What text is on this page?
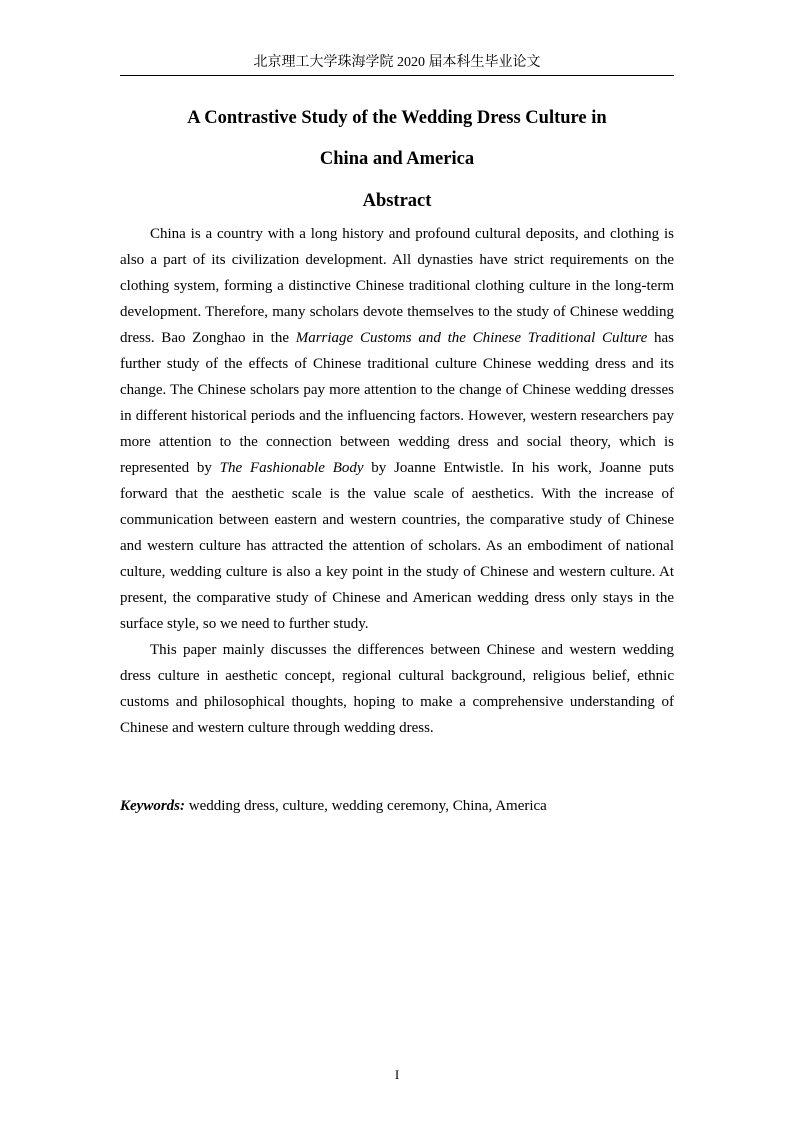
北京理工大学珠海学院 2020 届本科生毕业论文
A Contrastive Study of the Wedding Dress Culture in
China and America
Abstract

China is a country with a long history and profound cultural deposits, and clothing is also a part of its civilization development. All dynasties have strict requirements on the clothing system, forming a distinctive Chinese traditional clothing culture in the long-term development. Therefore, many scholars devote themselves to the study of Chinese wedding dress. Bao Zonghao in the Marriage Customs and the Chinese Traditional Culture has further study of the effects of Chinese traditional culture Chinese wedding dress and its change. The Chinese scholars pay more attention to the change of Chinese wedding dresses in different historical periods and the influencing factors. However, western researchers pay more attention to the connection between wedding dress and social theory, which is represented by The Fashionable Body by Joanne Entwistle. In his work, Joanne puts forward that the aesthetic scale is the value scale of aesthetics. With the increase of communication between eastern and western countries, the comparative study of Chinese and western culture has attracted the attention of scholars. As an embodiment of national culture, wedding culture is also a key point in the study of Chinese and western culture. At present, the comparative study of Chinese and American wedding dress only stays in the surface style, so we need to further study.

This paper mainly discusses the differences between Chinese and western wedding dress culture in aesthetic concept, regional cultural background, religious belief, ethnic customs and philosophical thoughts, hoping to make a comprehensive understanding of Chinese and western culture through wedding dress.

Keywords: wedding dress, culture, wedding ceremony, China, America
I
